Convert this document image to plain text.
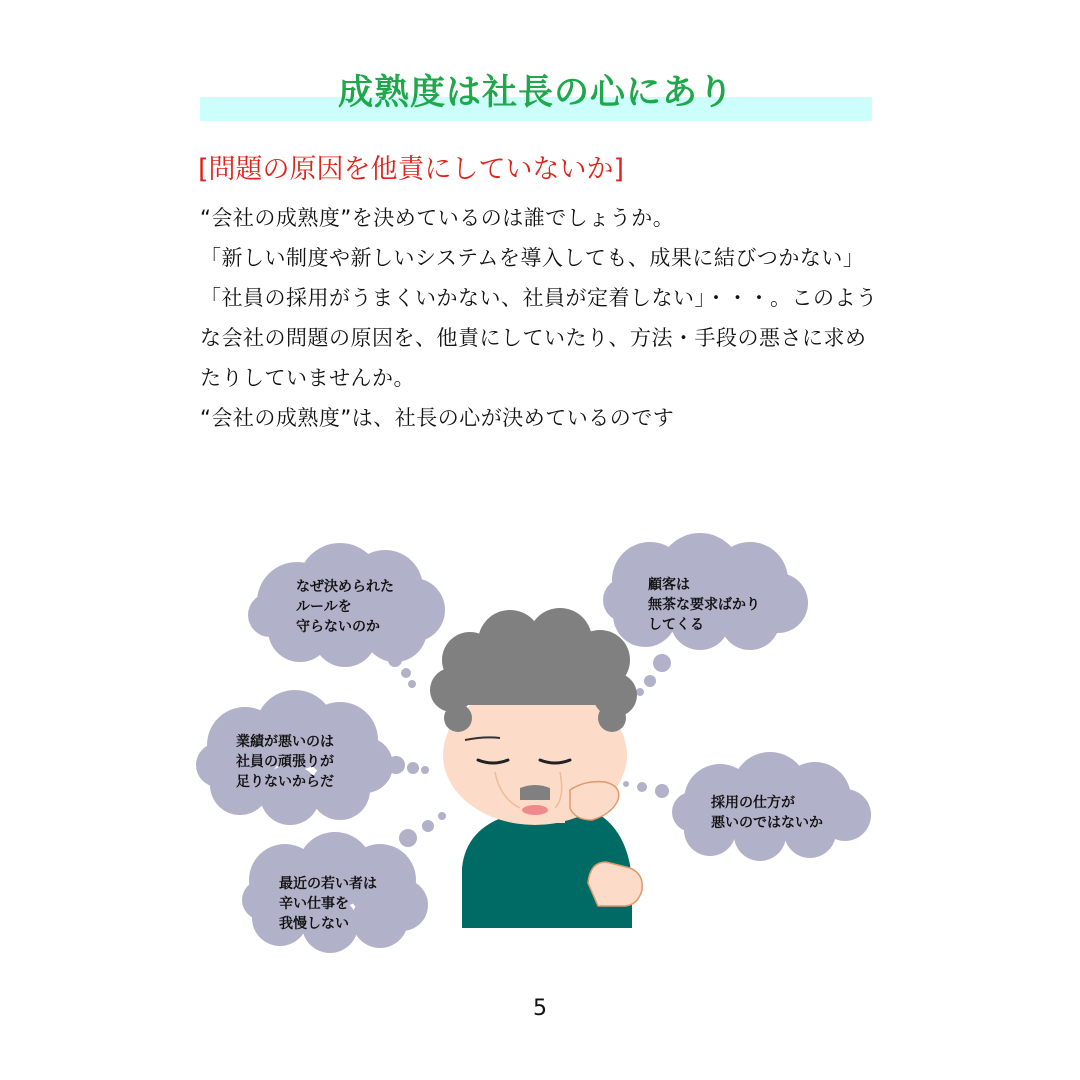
成熟度は社長の心にあり
[問題の原因を他責にしていないか]
“会社の成熟度”を決めているのは誰でしょうか。
「新しい制度や新しいシステムを導入しても、成果に結びつかない」
「社員の採用がうまくいかない、社員が定着しない」・・・。このよう
な会社の問題の原因を、他責にしていたり、方法・手段の悪さに求め
たりしていませんか。
“会社の成熟度”は、社長の心が決めているのです
なぜ決められた
ルールを
守らないのか
顧客は
無茶な要求ばかり
してくる
業績が悪いのは
社員の頑張りが
足りないからだ
採用の仕方が
悪いのではないか
最近の若い者は
辛い仕事を
我慢しない
5
